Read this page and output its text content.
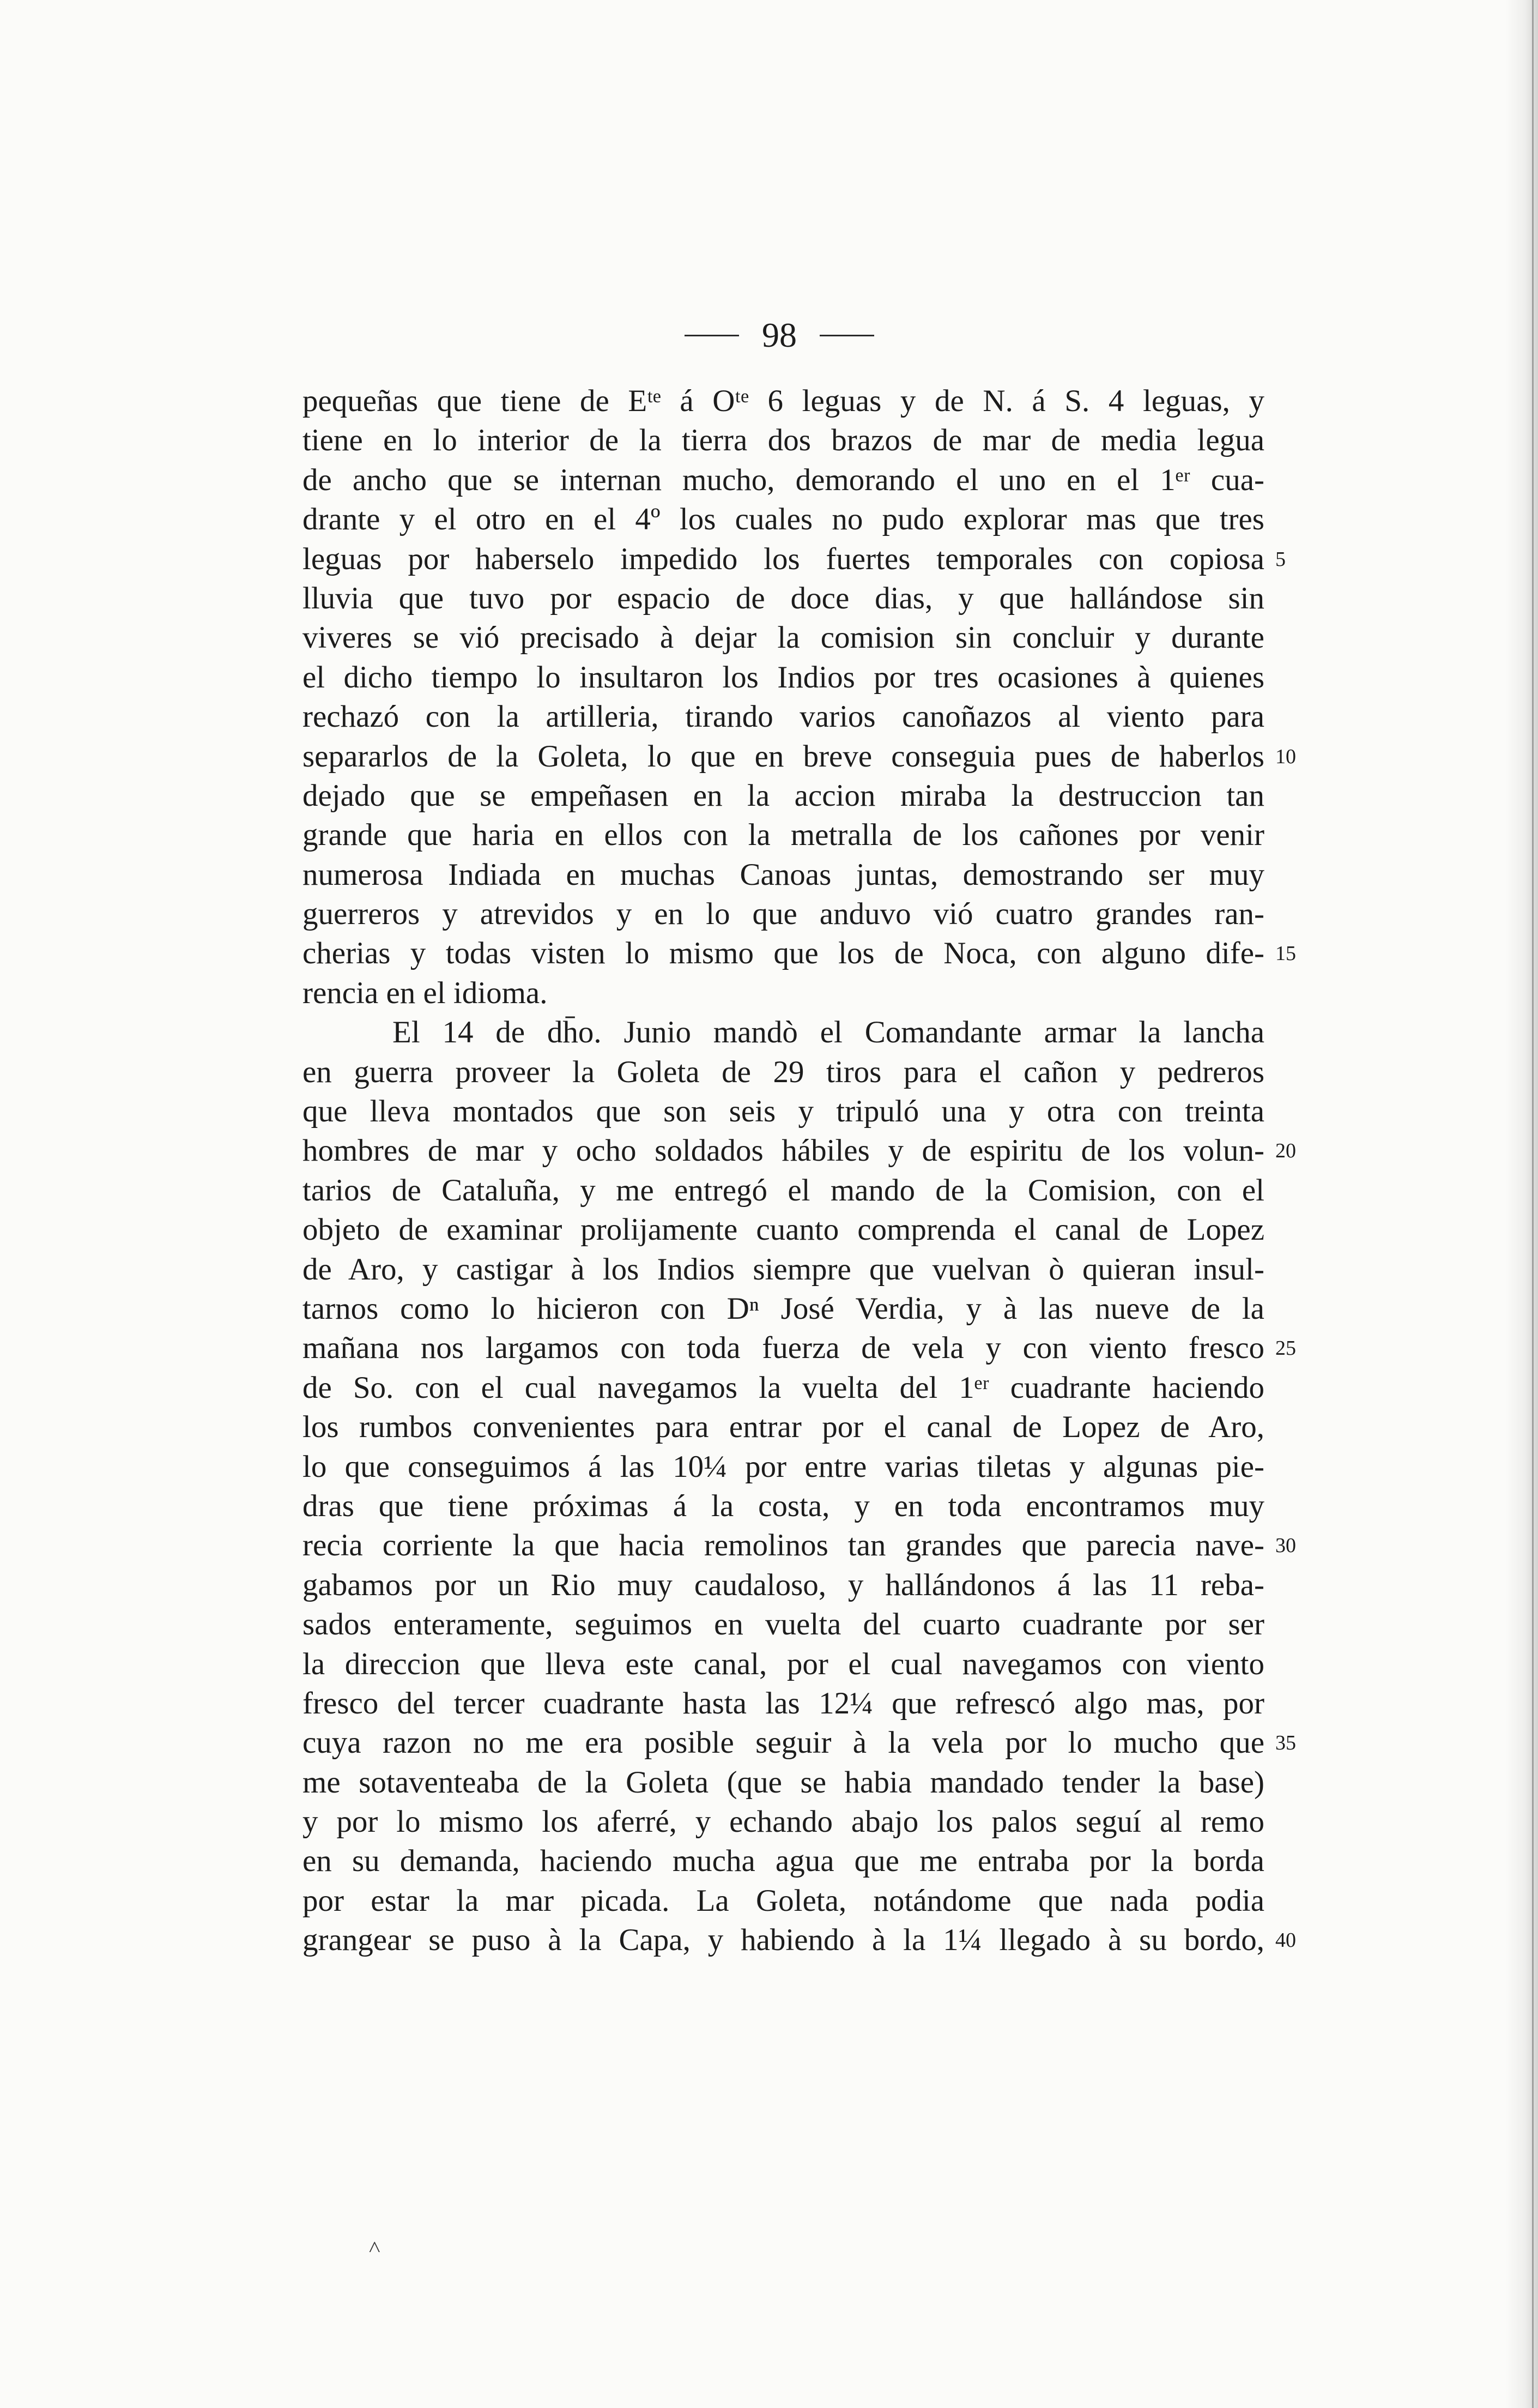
98
pequeñas que tiene de Eᵗᵉ á Oᵗᵉ 6 leguas y de N. á S. 4 leguas, y
tiene en lo interior de la tierra dos brazos de mar de media legua
de ancho que se internan mucho, demorando el uno en el 1ᵉʳ cua-
drante y el otro en el 4º los cuales no pudo explorar mas que tres
leguas por haberselo impedido los fuertes temporales con copiosa
lluvia que tuvo por espacio de doce dias, y que hallándose sin
viveres se vió precisado à dejar la comision sin concluir y durante
el dicho tiempo lo insultaron los Indios por tres ocasiones à quienes
rechazó con la artilleria, tirando varios canoñazos al viento para
separarlos de la Goleta, lo que en breve conseguia pues de haberlos
dejado que se empeñasen en la accion miraba la destruccion tan
grande que haria en ellos con la metralla de los cañones por venir
numerosa Indiada en muchas Canoas juntas, demostrando ser muy
guerreros y atrevidos y en lo que anduvo vió cuatro grandes ran-
cherias y todas visten lo mismo que los de Noca, con alguno dife-
rencia en el idioma.
El 14 de dh̄o. Junio mandò el Comandante armar la lancha
en guerra proveer la Goleta de 29 tiros para el cañon y pedreros
que lleva montados que son seis y tripuló una y otra con treinta
hombres de mar y ocho soldados hábiles y de espiritu de los volun-
tarios de Cataluña, y me entregó el mando de la Comision, con el
objeto de examinar prolijamente cuanto comprenda el canal de Lopez
de Aro, y castigar à los Indios siempre que vuelvan ò quieran insul-
tarnos como lo hicieron con Dⁿ José Verdia, y à las nueve de la
mañana nos largamos con toda fuerza de vela y con viento fresco
de So. con el cual navegamos la vuelta del 1ᵉʳ cuadrante haciendo
los rumbos convenientes para entrar por el canal de Lopez de Aro,
lo que conseguimos á las 10¼ por entre varias tiletas y algunas pie-
dras que tiene próximas á la costa, y en toda encontramos muy
recia corriente la que hacia remolinos tan grandes que parecia nave-
gabamos por un Rio muy caudaloso, y hallándonos á las 11 reba-
sados enteramente, seguimos en vuelta del cuarto cuadrante por ser
la direccion que lleva este canal, por el cual navegamos con viento
fresco del tercer cuadrante hasta las 12¼ que refrescó algo mas, por
cuya razon no me era posible seguir à la vela por lo mucho que
me sotaventeaba de la Goleta (que se habia mandado tender la base)
y por lo mismo los aferré, y echando abajo los palos seguí al remo
en su demanda, haciendo mucha agua que me entraba por la borda
por estar la mar picada. La Goleta, notándome que nada podia
grangear se puso à la Capa, y habiendo à la 1¼ llegado à su bordo,
5
10
15
20
25
30
35
40
˄
